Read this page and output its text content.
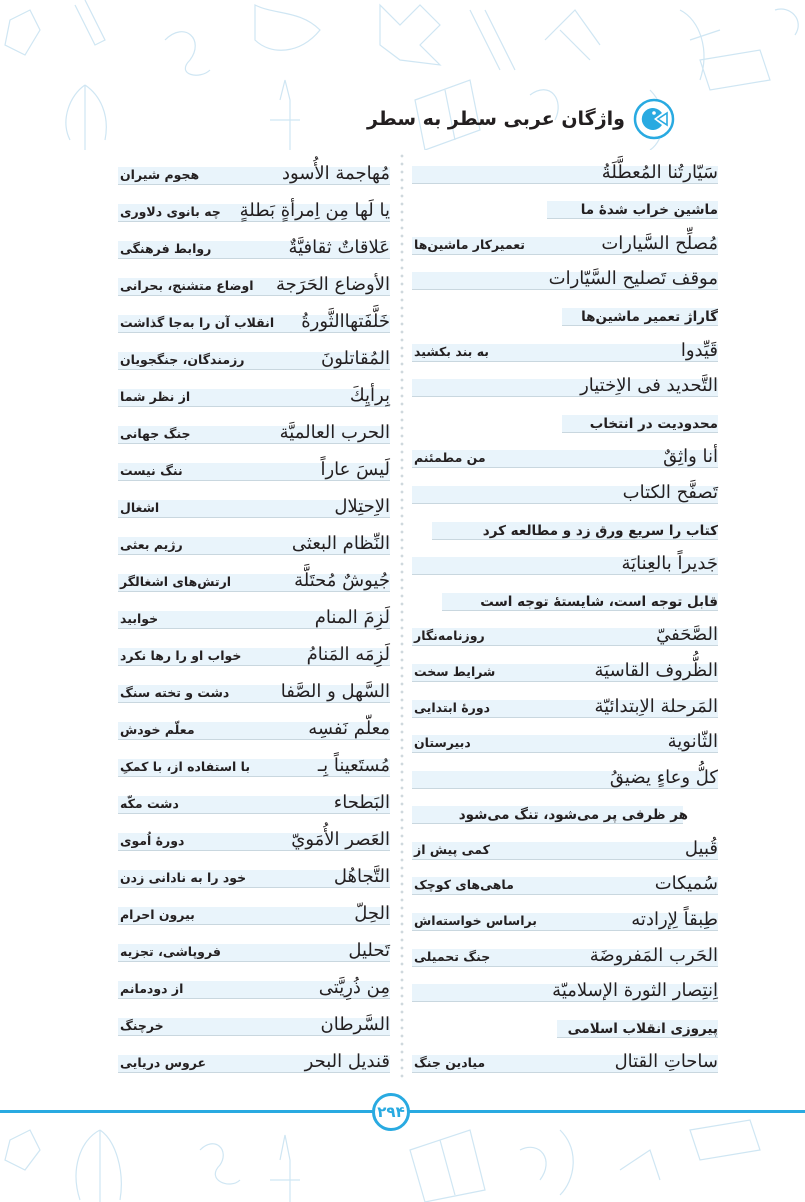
واژگان عربی سطر به سطر
سَيّارتُنا المُعطَّلَةُ
ماشین خراب شدهٔ ما
مُصلِّح السَّيارات
تعمیرکار ماشین‌ها
موقف تَصليح السَّيّارات
گاراژ تعمیر ماشین‌ها
قَيِّدوا
به بند بکشید
التَّحديد فى الاِختيار
محدودیت در انتخاب
أنا واثِقٌ
من مطمئنم
تَصفَّح الكتاب
کتاب را سریع ورق زد و مطالعه کرد
جَديراً بالعِنايَة
قابل توجه است، شایستهٔ توجه است
الصَّحَفيّ
روزنامه‌نگار
الظُّروف القاسيَة
شرایط سخت
المَرحلة الاِبتدائيّة
دورهٔ ابتدایی
الثّانوية
دبیرستان
كلُّ وعاءٍ يضيقُ
هر ظرفی پر می‌شود، تنگ می‌شود
قُبيل
کمی پیش از
سُميكات
ماهی‌های کوچک
طِبقاً لِإرادته
براساس خواسته‌اش
الحَرب المَفروضَة
جنگ تحمیلی
اِنتِصار الثورة الإسلاميّة
پیروزی انقلاب اسلامی
ساحاتِ القتال
میادین جنگ
مُهاجمة الأُسود
هجوم شیران
يا لَها مِن اِمرأةٍ بَطلةٍ
چه بانوی دلاوری
عَلاقاتٌ ثقافيَّةٌ
روابط فرهنگی
الأوضاع الحَرَجة
اوضاع متشنج، بحرانی
خَلَّفَتهاالثَّورةُ
انقلاب آن را به‌جا گذاشت
المُقاتلونَ
رزمندگان، جنگجویان
بِرأيِكَ
از نظر شما
الحرب العالميَّة
جنگ جهانی
لَيسَ عاراً
ننگ نیست
الاِحتِلال
اشغال
النِّظام البعثى
رژیم بعثی
جُيوشٌ مُحتَلَّة
ارتش‌های اشغالگر
لَزِمَ المنام
خوابید
لَزِمَه المَنامُ
خواب او را رها نکرد
السَّهل و الصَّفا
دشت و تخته سنگ
معلّم نَفسِه
معلّم خودش
مُستَعيناً بِـ
با استفاده از، با کمکِ
البَطحاء
دشت مکّه
العَصر الأُمَويّ
دورهٔ اُموی
التَّجاهُل
خود را به نادانی زدن
الحِلّ
بیرون احرام
تَحليل
فروپاشی، تجزیه
مِن ذُرِيَّتى
از دودمانم
السَّرطان
خرچنگ
قنديل البحر
عروس دریایی
۲۹۴
